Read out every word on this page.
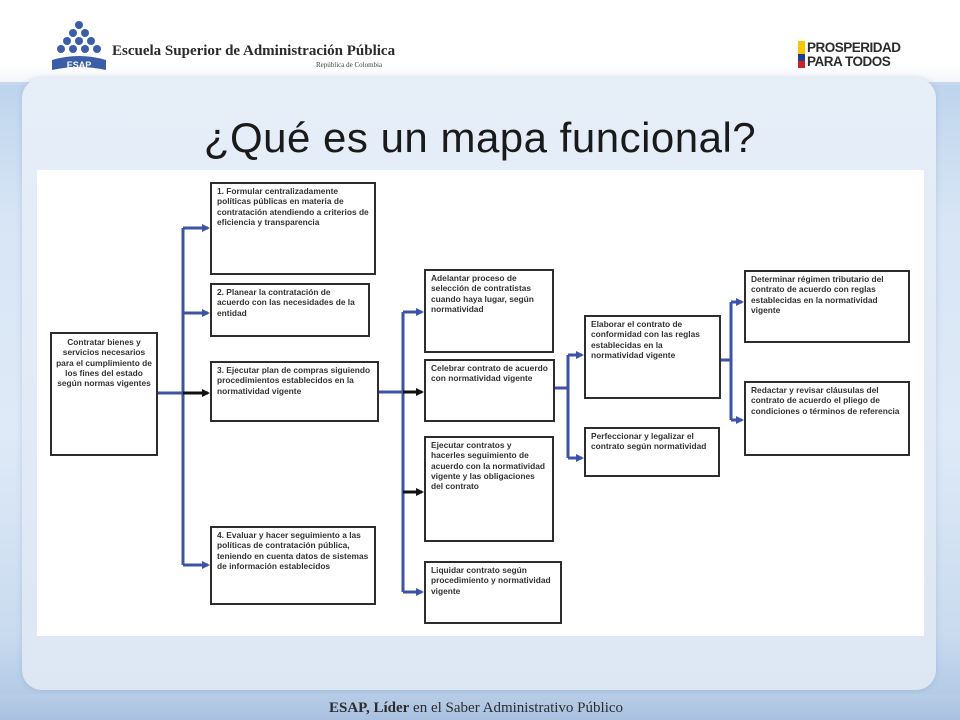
ESAP
Escuela Superior de Administración Pública
República de Colombia
PROSPERIDAD
PARA TODOS
¿Qué es un mapa funcional?
Contratar bienes y servicios necesarios para el cumplimiento de los fines del estado según normas vigentes
1. Formular centralizadamente políticas públicas en materia de contratación atendiendo a criterios de eficiencia y transparencia
2. Planear la contratación de acuerdo con las necesidades de la entidad
3. Ejecutar plan de compras siguiendo procedimientos establecidos en la normatividad vigente
4. Evaluar y hacer seguimiento a las políticas de contratación pública, teniendo en cuenta datos de sistemas de información establecidos
Adelantar proceso de selección de contratistas cuando haya lugar, según normatividad
Celebrar contrato de acuerdo con normatividad vigente
Ejecutar contratos y hacerles seguimiento de acuerdo con la normatividad vigente y las obligaciones del contrato
Liquidar contrato según procedimiento y normatividad vigente
Elaborar el contrato de conformidad con las reglas establecidas en la normatividad vigente
Perfeccionar y legalizar el contrato según normatividad
Determinar régimen tributario del contrato de acuerdo con reglas establecidas en la normatividad vigente
Redactar y revisar cláusulas del contrato de acuerdo el pliego de condiciones o términos de referencia
ESAP, Líder en el Saber Administrativo Público
